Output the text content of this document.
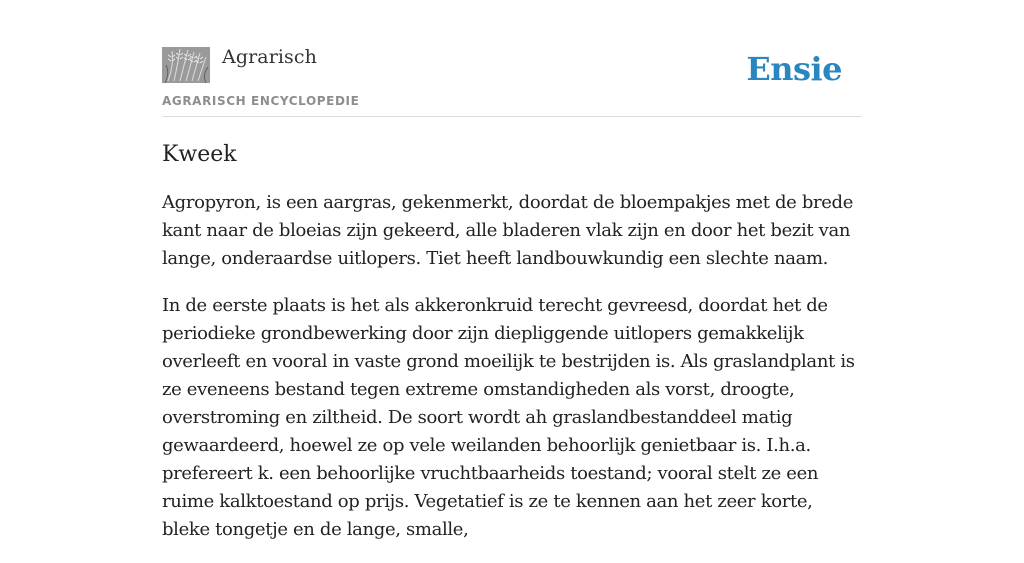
Agrarisch
AGRARISCH ENCYCLOPEDIE
Ensie
Kweek

Agropyron, is een aargras, gekenmerkt, doordat de bloempakjes met de brede kant naar de bloeias zijn gekeerd, alle bladeren vlak zijn en door het bezit van lange, onderaardse uitlopers. Tiet heeft landbouwkundig een slechte naam.

In de eerste plaats is het als akkeronkruid terecht gevreesd, doordat het de periodieke grondbewerking door zijn diepliggende uitlopers gemakkelijk overleeft en vooral in vaste grond moeilijk te bestrijden is. Als graslandplant is ze eveneens bestand tegen extreme omstandigheden als vorst, droogte, overstroming en ziltheid. De soort wordt ah graslandbestanddeel matig gewaardeerd, hoewel ze op vele weilanden behoorlijk genietbaar is. I.h.a. prefereert k. een behoorlijke vruchtbaarheids toestand; vooral stelt ze een ruime kalktoestand op prijs. Vegetatief is ze te kennen aan het zeer korte, bleke tongetje en de lange, smalle,
